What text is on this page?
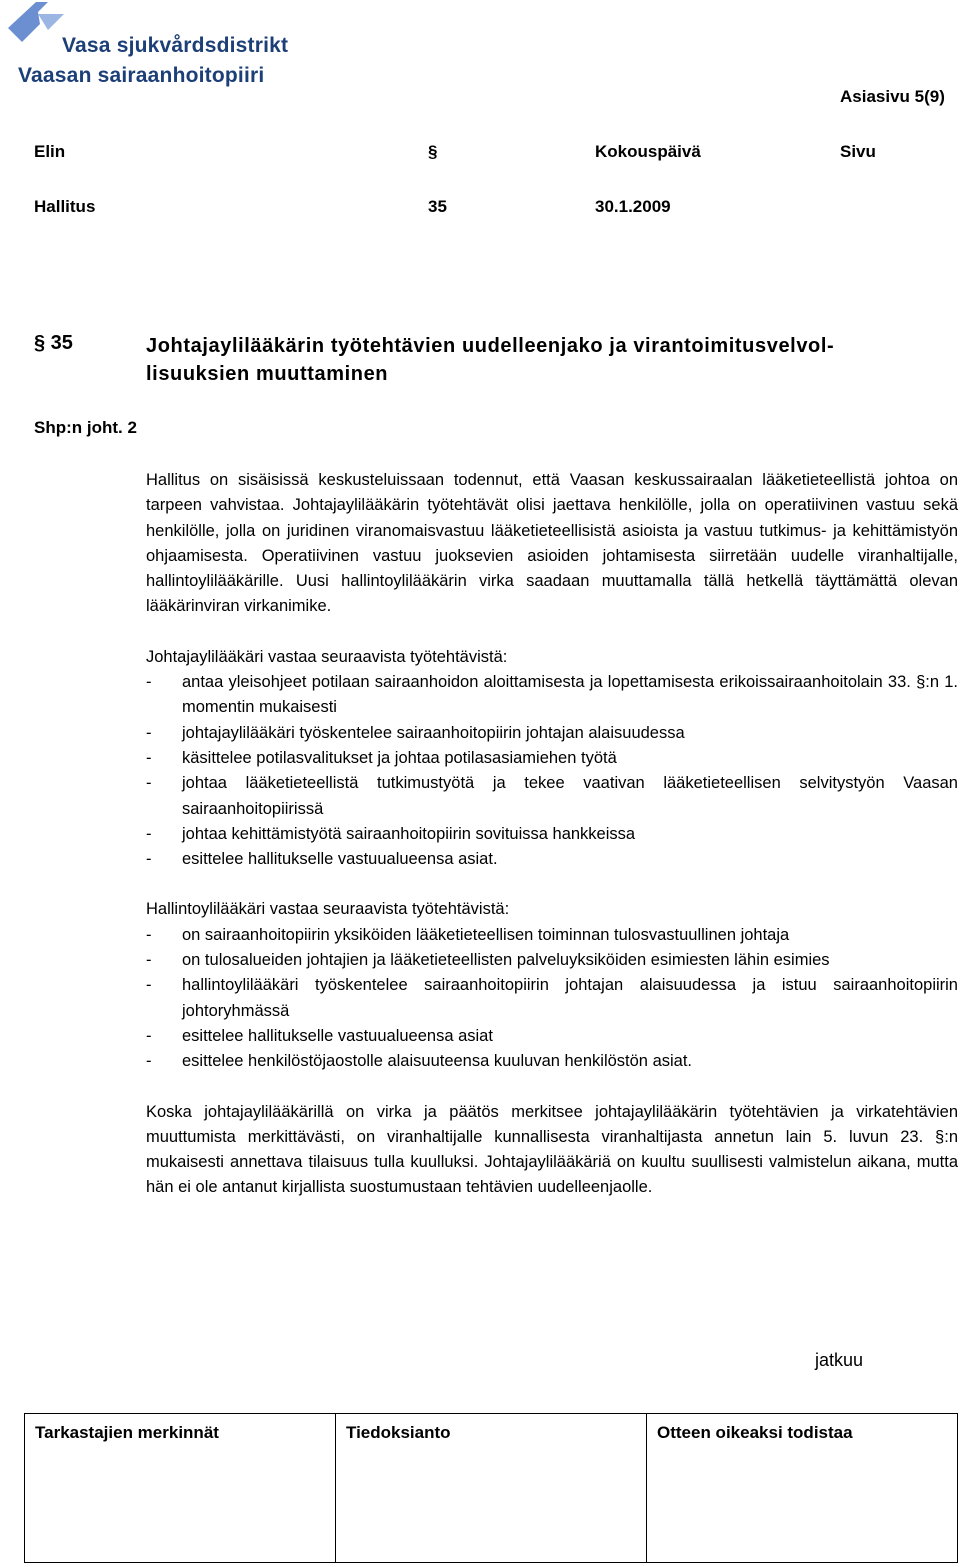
Vasa sjukvårdsdistrikt
Vaasan sairaanhoitopiiri
Asiasivu 5(9)
Elin	§	Kokouspäivä	Sivu
Hallitus	35	30.1.2009
§ 35	Johtajaylilääkärin työtehtävien uudelleenjako ja virantoimitusvelvol-
lisuuksien muuttaminen
Shp:n joht. 2

Hallitus on sisäisissä keskusteluissaan todennut, että Vaasan keskussairaalan lääketieteellistä johtoa on tarpeen vahvistaa. Johtajaylilääkärin työtehtävät olisi jaettava henkilölle, jolla on operatiivinen vastuu sekä henkilölle, jolla on juridinen viranomaisvastuu lääketieteellisistä asioista ja vastuu tutkimus- ja kehittämistyön ohjaamisesta. Operatiivinen vastuu juoksevien asioiden johtamisesta siirretään uudelle viranhaltijalle, hallintoylilääkärille. Uusi hallintoylilääkärin virka saadaan muuttamalla tällä hetkellä täyttämättä olevan lääkärinviran virkanimike.

Johtajaylilääkäri vastaa seuraavista työtehtävistä:

- antaa yleisohjeet potilaan sairaanhoidon aloittamisesta ja lopettamisesta erikoissairaanhoitolain 33. §:n 1. momentin mukaisesti
- johtajaylilääkäri työskentelee sairaanhoitopiirin johtajan alaisuudessa
- käsittelee potilasvalitukset ja johtaa potilasasiamiehen työtä
- johtaa lääketieteellistä tutkimustyötä ja tekee vaativan lääketieteellisen selvitystyön Vaasan sairaanhoitopiirissä
- johtaa kehittämistyötä sairaanhoitopiirin sovituissa hankkeissa
- esittelee hallitukselle vastuualueensa asiat.

Hallintoylilääkäri vastaa seuraavista työtehtävistä:

- on sairaanhoitopiirin yksiköiden lääketieteellisen toiminnan tulosvastuullinen johtaja
- on tulosalueiden johtajien ja lääketieteellisten palveluyksiköiden esimiesten lähin esimies
- hallintoylilääkäri työskentelee sairaanhoitopiirin johtajan alaisuudessa ja istuu sairaanhoitopiirin johtoryhmässä
- esittelee hallitukselle vastuualueensa asiat
- esittelee henkilöstöjaostolle alaisuuteensa kuuluvan henkilöstön asiat.

Koska johtajaylilääkärillä on virka ja päätös merkitsee johtajaylilääkärin työtehtävien ja virkatehtävien muuttumista merkittävästi, on viranhaltijalle kunnallisesta viranhaltijasta annetun lain 5. luvun 23. §:n mukaisesti annettava tilaisuus tulla kuulluksi. Johtajaylilääkäriä on kuultu suullisesti valmistelun aikana, mutta hän ei ole antanut kirjallista suostumustaan tehtävien uudelleenjaolle.

jatkuu
Tarkastajien merkinnät	Tiedoksianto	Otteen oikeaksi todistaa
